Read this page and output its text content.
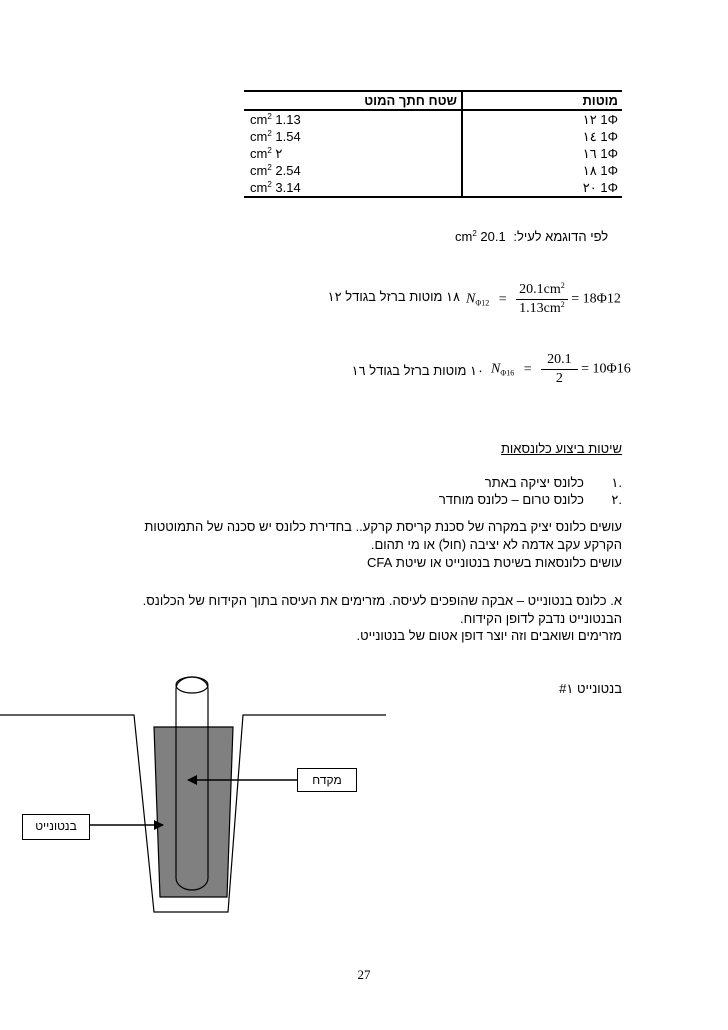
שטח חתך המוט	מוטות
$cm^2$ 1.13	1Φ ١٢
$cm^2$ 1.54	1Φ ١٤
$cm^2$ ٢	1Φ ١٦
$cm^2$ 2.54	1Φ ١٨
$cm^2$ 3.14	1Φ ٢٠
$cm^2$ 20.1 לפי הדוגמא לעיל:
$N_{\Phi 12} = \frac{20.1cm^2}{1.13cm^2} = 18\Phi 12$
١٨ מוטות ברזל בגודל ١٢
$N_{\Phi 16} = \frac{20.1}{2} = 10\Phi 16$
١٠ מוטות ברזל בגודל ١٦
שיטות ביצוע כלונסאות
.١כלונס יציקה באתר
.٢כלונס טרום – כלונס מוחדר
עושים כלונס יציק במקרה של סכנת קריסת קרקע.. בחדירת כלונס יש סכנה של התמוטטות
הקרקע עקב אדמה לא יציבה (חול) או מי תהום.
עושים כלונסאות בשיטת בנטונייט או שיטת CFA
א. כלונס בנטונייט – אבקה שהופכים לעיסה. מזרימים את העיסה בתוך הקידוח של הכלונס.
הבנטונייט נדבק לדופן הקידוח.
מזרימים ושואבים וזה יוצר דופן אטום של בנטונייט.
בנטונייט ١#
מקדח
בנטונייט
27
